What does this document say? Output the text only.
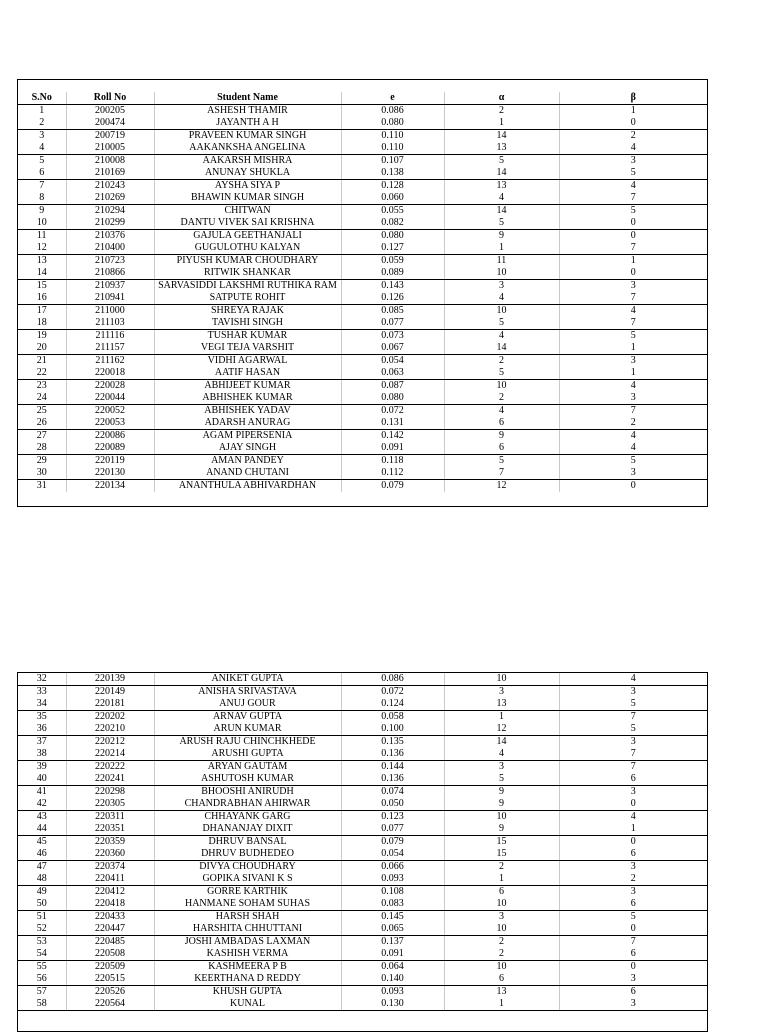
S.No	Roll No	Student Name	e	α	β
1	200205	ASHESH THAMIR	0.086	2	1
2	200474	JAYANTH A H	0.080	1	0
3	200719	PRAVEEN KUMAR SINGH	0.110	14	2
4	210005	AAKANKSHA ANGELINA	0.110	13	4
5	210008	AAKARSH MISHRA	0.107	5	3
6	210169	ANUNAY SHUKLA	0.138	14	5
7	210243	AYSHA SIYA P	0.128	13	4
8	210269	BHAWIN KUMAR SINGH	0.060	4	7
9	210294	CHITWAN	0.055	14	5
10	210299	DANTU VIVEK SAI KRISHNA	0.082	5	0
11	210376	GAJULA GEETHANJALI	0.080	9	0
12	210400	GUGULOTHU KALYAN	0.127	1	7
13	210723	PIYUSH KUMAR CHOUDHARY	0.059	11	1
14	210866	RITWIK SHANKAR	0.089	10	0
15	210937	SARVASIDDI LAKSHMI RUTHIKA RAM	0.143	3	3
16	210941	SATPUTE ROHIT	0.126	4	7
17	211000	SHREYA RAJAK	0.085	10	4
18	211103	TAVISHI SINGH	0.077	5	7
19	211116	TUSHAR KUMAR	0.073	4	5
20	211157	VEGI TEJA VARSHIT	0.067	14	1
21	211162	VIDHI AGARWAL	0.054	2	3
22	220018	AATIF HASAN	0.063	5	1
23	220028	ABHIJEET KUMAR	0.087	10	4
24	220044	ABHISHEK KUMAR	0.080	2	3
25	220052	ABHISHEK YADAV	0.072	4	7
26	220053	ADARSH ANURAG	0.131	6	2
27	220086	AGAM PIPERSENIA	0.142	9	4
28	220089	AJAY SINGH	0.091	6	4
29	220119	AMAN PANDEY	0.118	5	5
30	220130	ANAND CHUTANI	0.112	7	3
31	220134	ANANTHULA ABHIVARDHAN	0.079	12	0
32	220139	ANIKET GUPTA	0.086	10	4
33	220149	ANISHA SRIVASTAVA	0.072	3	3
34	220181	ANUJ GOUR	0.124	13	5
35	220202	ARNAV GUPTA	0.058	1	7
36	220210	ARUN KUMAR	0.100	12	5
37	220212	ARUSH RAJU CHINCHKHEDE	0.135	14	3
38	220214	ARUSHI GUPTA	0.136	4	7
39	220222	ARYAN GAUTAM	0.144	3	7
40	220241	ASHUTOSH KUMAR	0.136	5	6
41	220298	BHOOSHI ANIRUDH	0.074	9	3
42	220305	CHANDRABHAN AHIRWAR	0.050	9	0
43	220311	CHHAYANK GARG	0.123	10	4
44	220351	DHANANJAY DIXIT	0.077	9	1
45	220359	DHRUV BANSAL	0.079	15	0
46	220360	DHRUV BUDHEDEO	0.054	15	6
47	220374	DIVYA CHOUDHARY	0.066	2	3
48	220411	GOPIKA SIVANI K S	0.093	1	2
49	220412	GORRE KARTHIK	0.108	6	3
50	220418	HANMANE SOHAM SUHAS	0.083	10	6
51	220433	HARSH SHAH	0.145	3	5
52	220447	HARSHITA CHHUTTANI	0.065	10	0
53	220485	JOSHI AMBADAS LAXMAN	0.137	2	7
54	220508	KASHISH VERMA	0.091	2	6
55	220509	KASHMEERA P B	0.064	10	0
56	220515	KEERTHANA D REDDY	0.140	6	3
57	220526	KHUSH GUPTA	0.093	13	6
58	220564	KUNAL	0.130	1	3
